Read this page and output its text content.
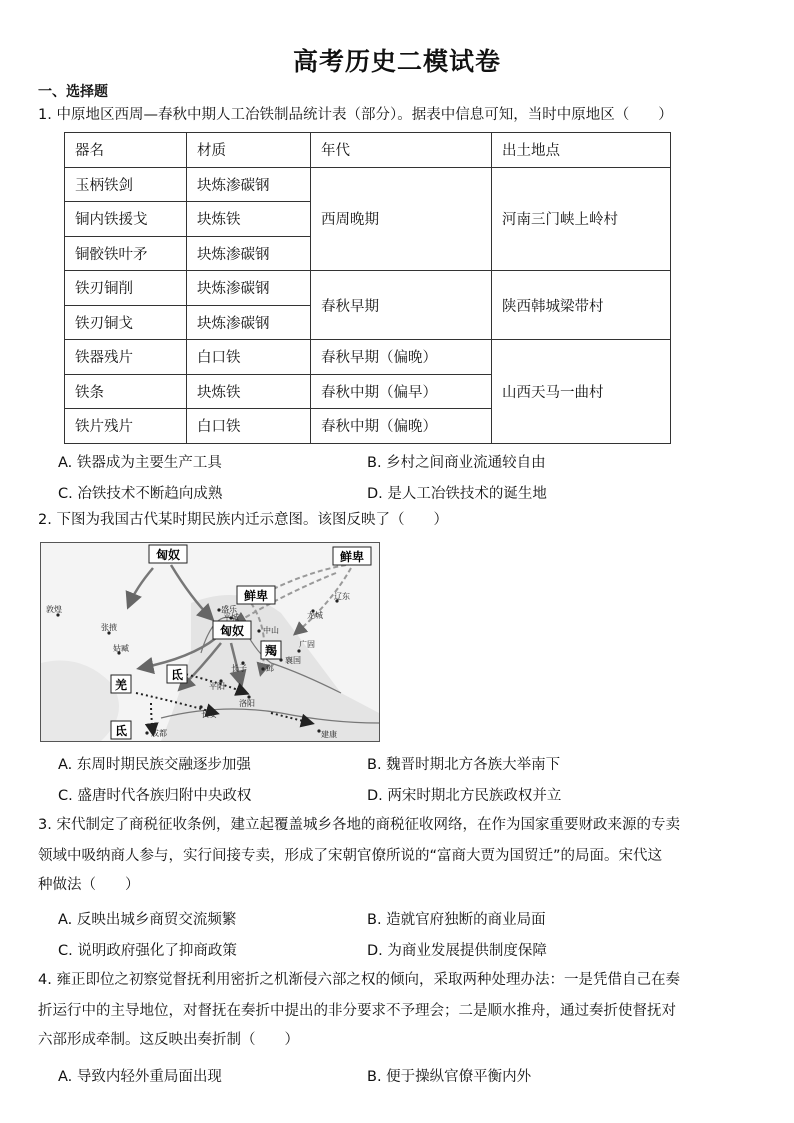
高考历史二模试卷
一、选择题
1. 中原地区西周—春秋中期人工冶铁制品统计表（部分）。据表中信息可知，当时中原地区（　　）
器名	材质	年代	出土地点
玉柄铁剑	块炼渗碳钢	西周晚期	河南三门峡上岭村
铜内铁援戈	块炼铁		
铜骹铁叶矛	块炼渗碳钢		
铁刃铜削	块炼渗碳钢	春秋早期	陕西韩城梁带村
铁刃铜戈	块炼渗碳钢		
铁器残片	白口铁	春秋早期（偏晚）	山西天马一曲村
铁条	块炼铁	春秋中期（偏早）	
铁片残片	白口铁	春秋中期（偏晚）	
A. 铁器成为主要生产工具	B. 乡村之间商业流通较自由
C. 冶铁技术不断趋向成熟	D. 是人工冶铁技术的诞生地
2. 下图为我国古代某时期民族内迁示意图。该图反映了（　　）
匈奴	鲜卑
鲜卑
匈奴
羯
氐
羌
氐
敦煌
张掖
姑臧
盛乐
平城	龙城
辽东
中山
襄国
邺
长子
平阳
广固
洛阳
长安
成都	建康
A. 东周时期民族交融逐步加强	B. 魏晋时期北方各族大举南下
C. 盛唐时代各族归附中央政权	D. 两宋时期北方民族政权并立
3. 宋代制定了商税征收条例，建立起覆盖城乡各地的商税征收网络，在作为国家重要财政来源的专卖
领域中吸纳商人参与，实行间接专卖，形成了宋朝官僚所说的“富商大贾为国贸迁”的局面。宋代这
种做法（　　）
A. 反映出城乡商贸交流频繁	B. 造就官府独断的商业局面
C. 说明政府强化了抑商政策	D. 为商业发展提供制度保障
4. 雍正即位之初察觉督抚利用密折之机渐侵六部之权的倾向，采取两种处理办法：一是凭借自己在奏
折运行中的主导地位，对督抚在奏折中提出的非分要求不予理会；二是顺水推舟，通过奏折使督抚对
六部形成牵制。这反映出奏折制（　　）
A. 导致内轻外重局面出现	B. 便于操纵官僚平衡内外
